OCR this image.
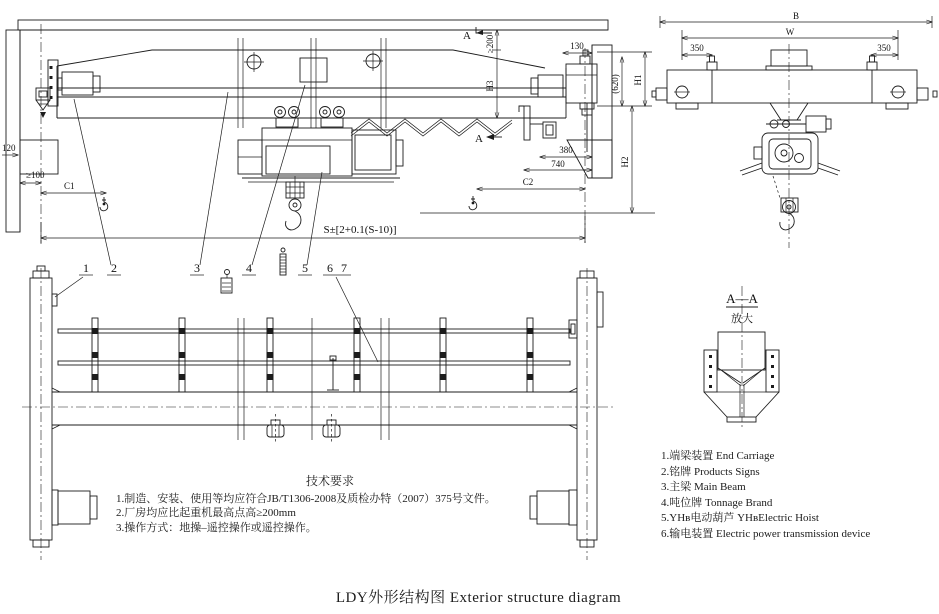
A
A
120
≥100
C1
≥200
H3
130
(620) H1
H2
380
740
C2
S±[2+0.1(S-10)]
B
W
350	350
1 2	3	4	5 6 7
A—A
放大
技术要求
1.制造、安装、使用等均应符合JB/T1306-2008及质检办特（2007）375号文件。
2.厂房均应比起重机最高点高≥200mm
3.操作方式：地操–遥控操作或遥控操作。
1.端梁装置 End Carriage
2.铭牌 Products Signs
3.主梁 Main Beam
4.吨位牌 Tonnage Brand
5.YHʙ电动葫芦 YHʙElectric Hoist
6.输电装置 Electric power transmission device
LDY外形结构图 Exterior structure diagram
